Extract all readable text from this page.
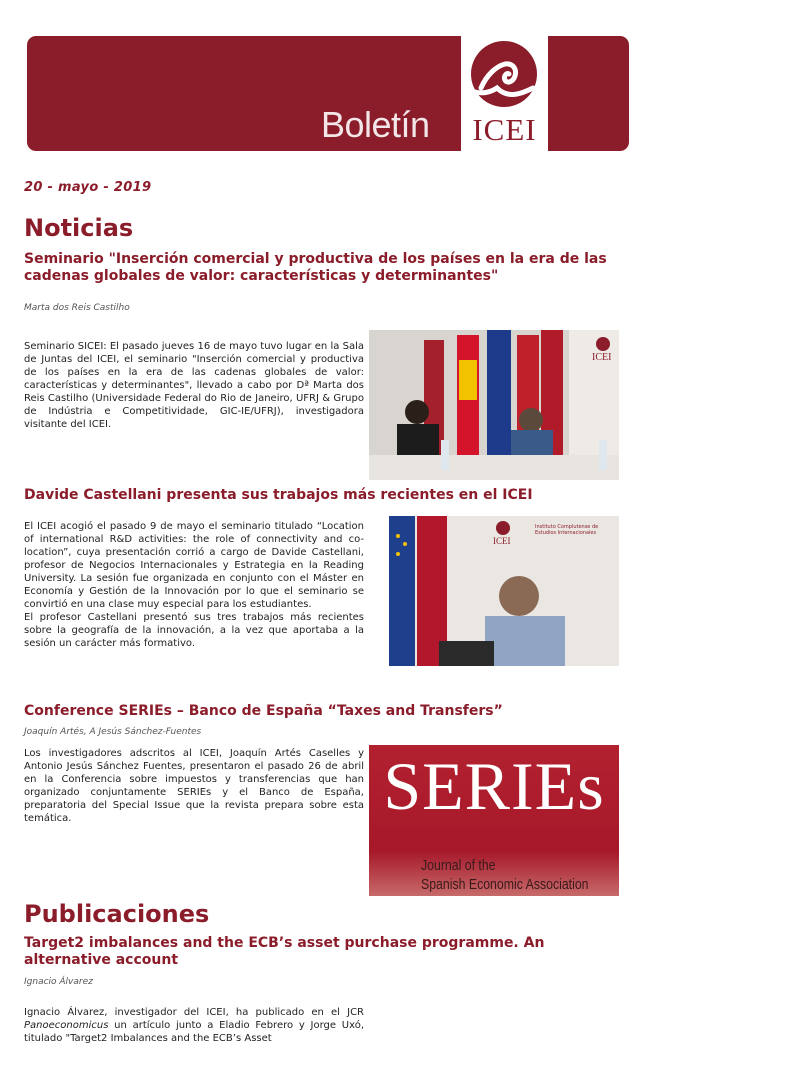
Boletín	ICEI
20 - mayo - 2019
Noticias
Seminario "Inserción comercial y productiva de los países en la era de las cadenas globales de valor: características y determinantes"
Marta dos Reis Castilho

Seminario SICEI: El pasado jueves 16 de mayo tuvo lugar en la Sala de Juntas del ICEI, el seminario "Inserción comercial y productiva de los países en la era de las cadenas globales de valor: características y determinantes", llevado a cabo por Dª Marta dos Reis Castilho (Universidade Federal do Rio de Janeiro, UFRJ & Grupo de Indústria e Competitividade, GIC-IE/UFRJ), investigadora visitante del ICEI.

ICEI
Davide Castellani presenta sus trabajos más recientes en el ICEI

El ICEI acogió el pasado 9 de mayo el seminario titulado “Location of international R&D activities: the role of connectivity and co-location”, cuya presentación corrió a cargo de Davide Castellani, profesor de Negocios Internacionales y Estrategia en la Reading University. La sesión fue organizada en conjunto con el Máster en Economía y Gestión de la Innovación por lo que el seminario se convirtió en una clase muy especial para los estudiantes.

El profesor Castellani presentó sus tres trabajos más recientes sobre la geografía de la innovación, a la vez que aportaba a la sesión un carácter más formativo.

ICEI
Instituto Complutense de Estudios Internacionales
Conference SERIEs – Banco de España “Taxes and Transfers”
Joaquín Artés, A Jesús Sánchez-Fuentes

Los investigadores adscritos al ICEI, Joaquín Artés Caselles y Antonio Jesús Sánchez Fuentes, presentaron el pasado 26 de abril en la Conferencia sobre impuestos y transferencias que han organizado conjuntamente SERIEs y el Banco de España, preparatoria del Special Issue que la revista prepara sobre esta temática.	SERIEs
Journal of the
Spanish Economic Association
Publicaciones
Target2 imbalances and the ECB’s asset purchase programme. An alternative account
Ignacio Álvarez

Ignacio Álvarez, investigador del ICEI, ha publicado en el JCR Panoeconomicus un artículo junto a Eladio Febrero y Jorge Uxó, titulado "Target2 Imbalances and the ECB’s Asset
